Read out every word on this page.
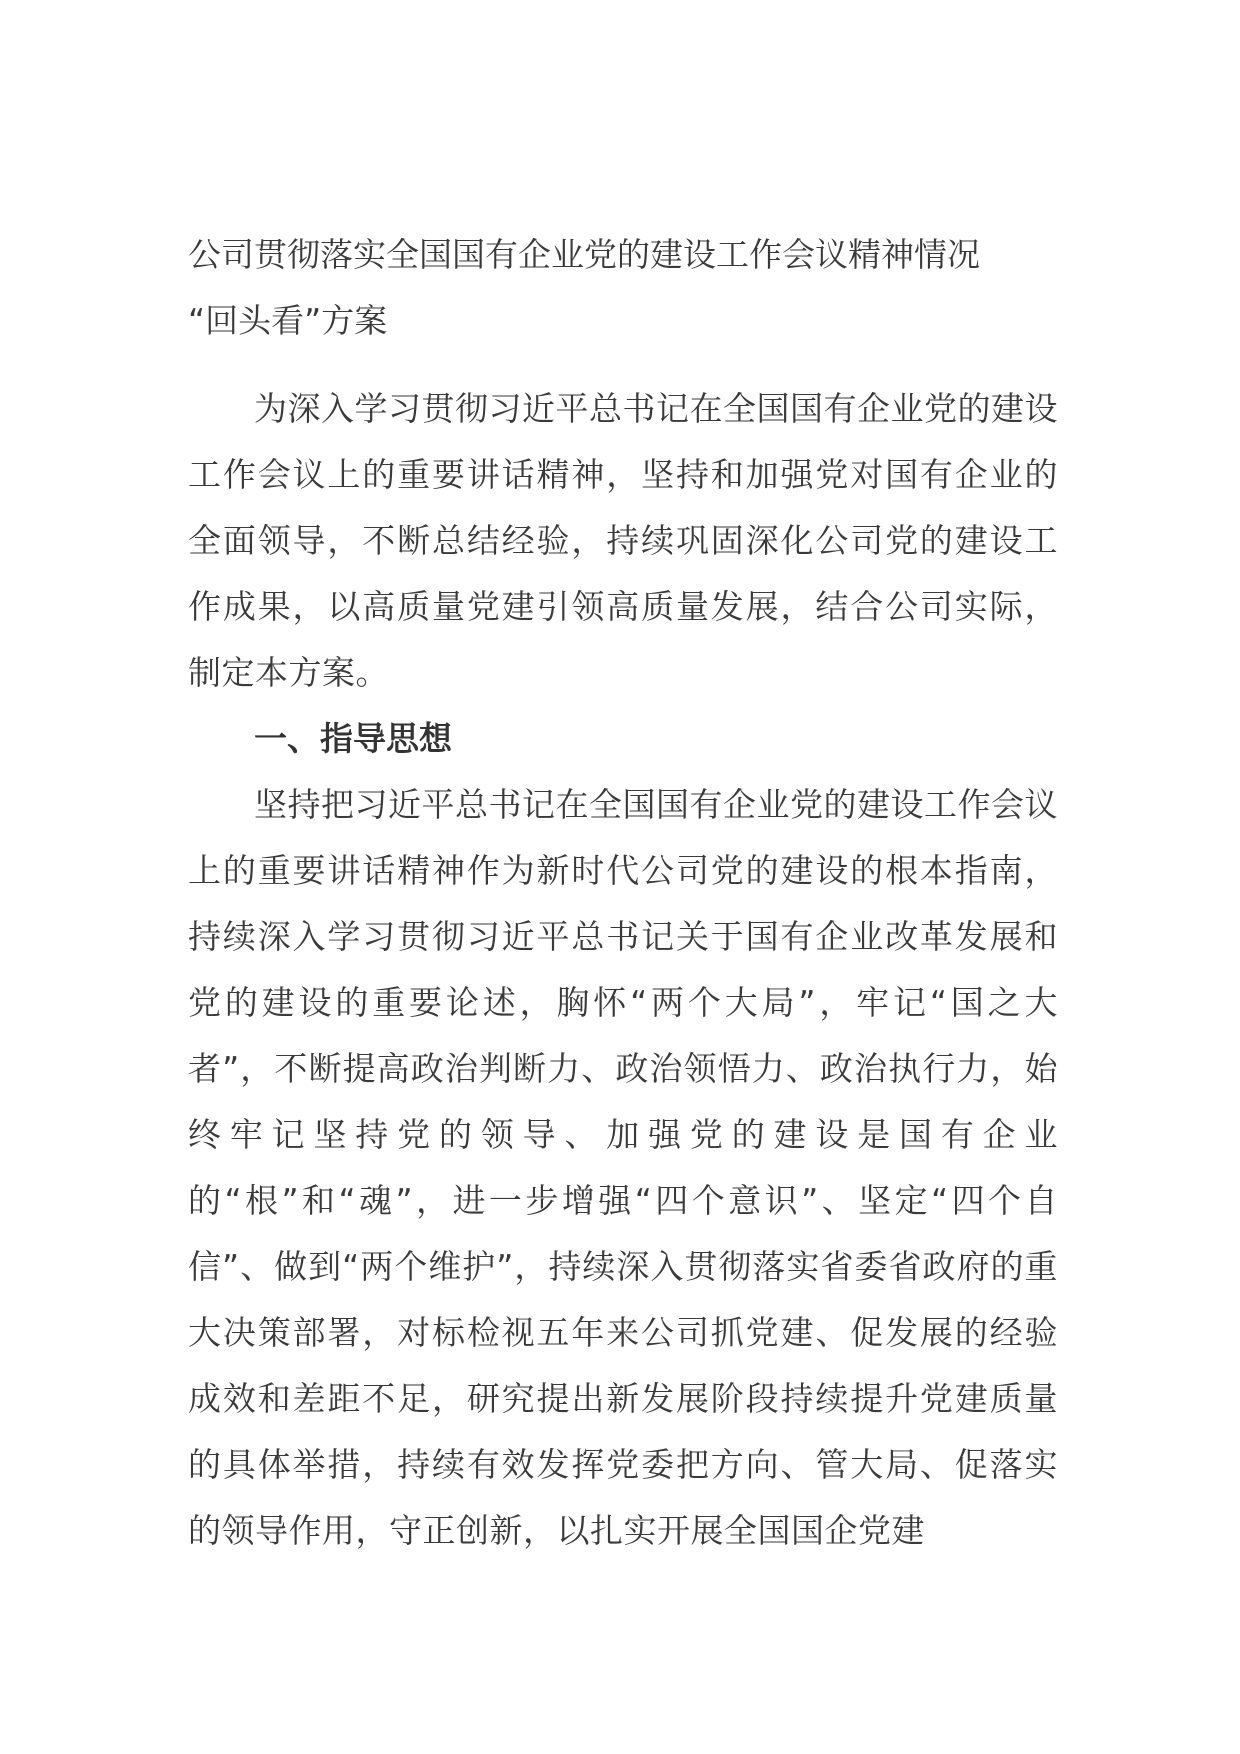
公司贯彻落实全国国有企业党的建设工作会议精神情况
“回头看”方案

为深入学习贯彻习近平总书记在全国国有企业党的建设工作会议上的重要讲话精神，坚持和加强党对国有企业的全面领导，不断总结经验，持续巩固深化公司党的建设工作成果，以高质量党建引领高质量发展，结合公司实际，制定本方案。

一、指导思想

坚持把习近平总书记在全国国有企业党的建设工作会议上的重要讲话精神作为新时代公司党的建设的根本指南，持续深入学习贯彻习近平总书记关于国有企业改革发展和党的建设的重要论述，胸怀“两个大局”，牢记“国之大者”，不断提高政治判断力、政治领悟力、政治执行力，始终牢记坚持党的领导、加强党的建设是国有企业的“根”和“魂”，进一步增强“四个意识”、坚定“四个自信”、做到“两个维护”，持续深入贯彻落实省委省政府的重大决策部署，对标检视五年来公司抓党建、促发展的经验成效和差距不足，研究提出新发展阶段持续提升党建质量的具体举措，持续有效发挥党委把方向、管大局、促落实的领导作用，守正创新，以扎实开展全国国企党建
